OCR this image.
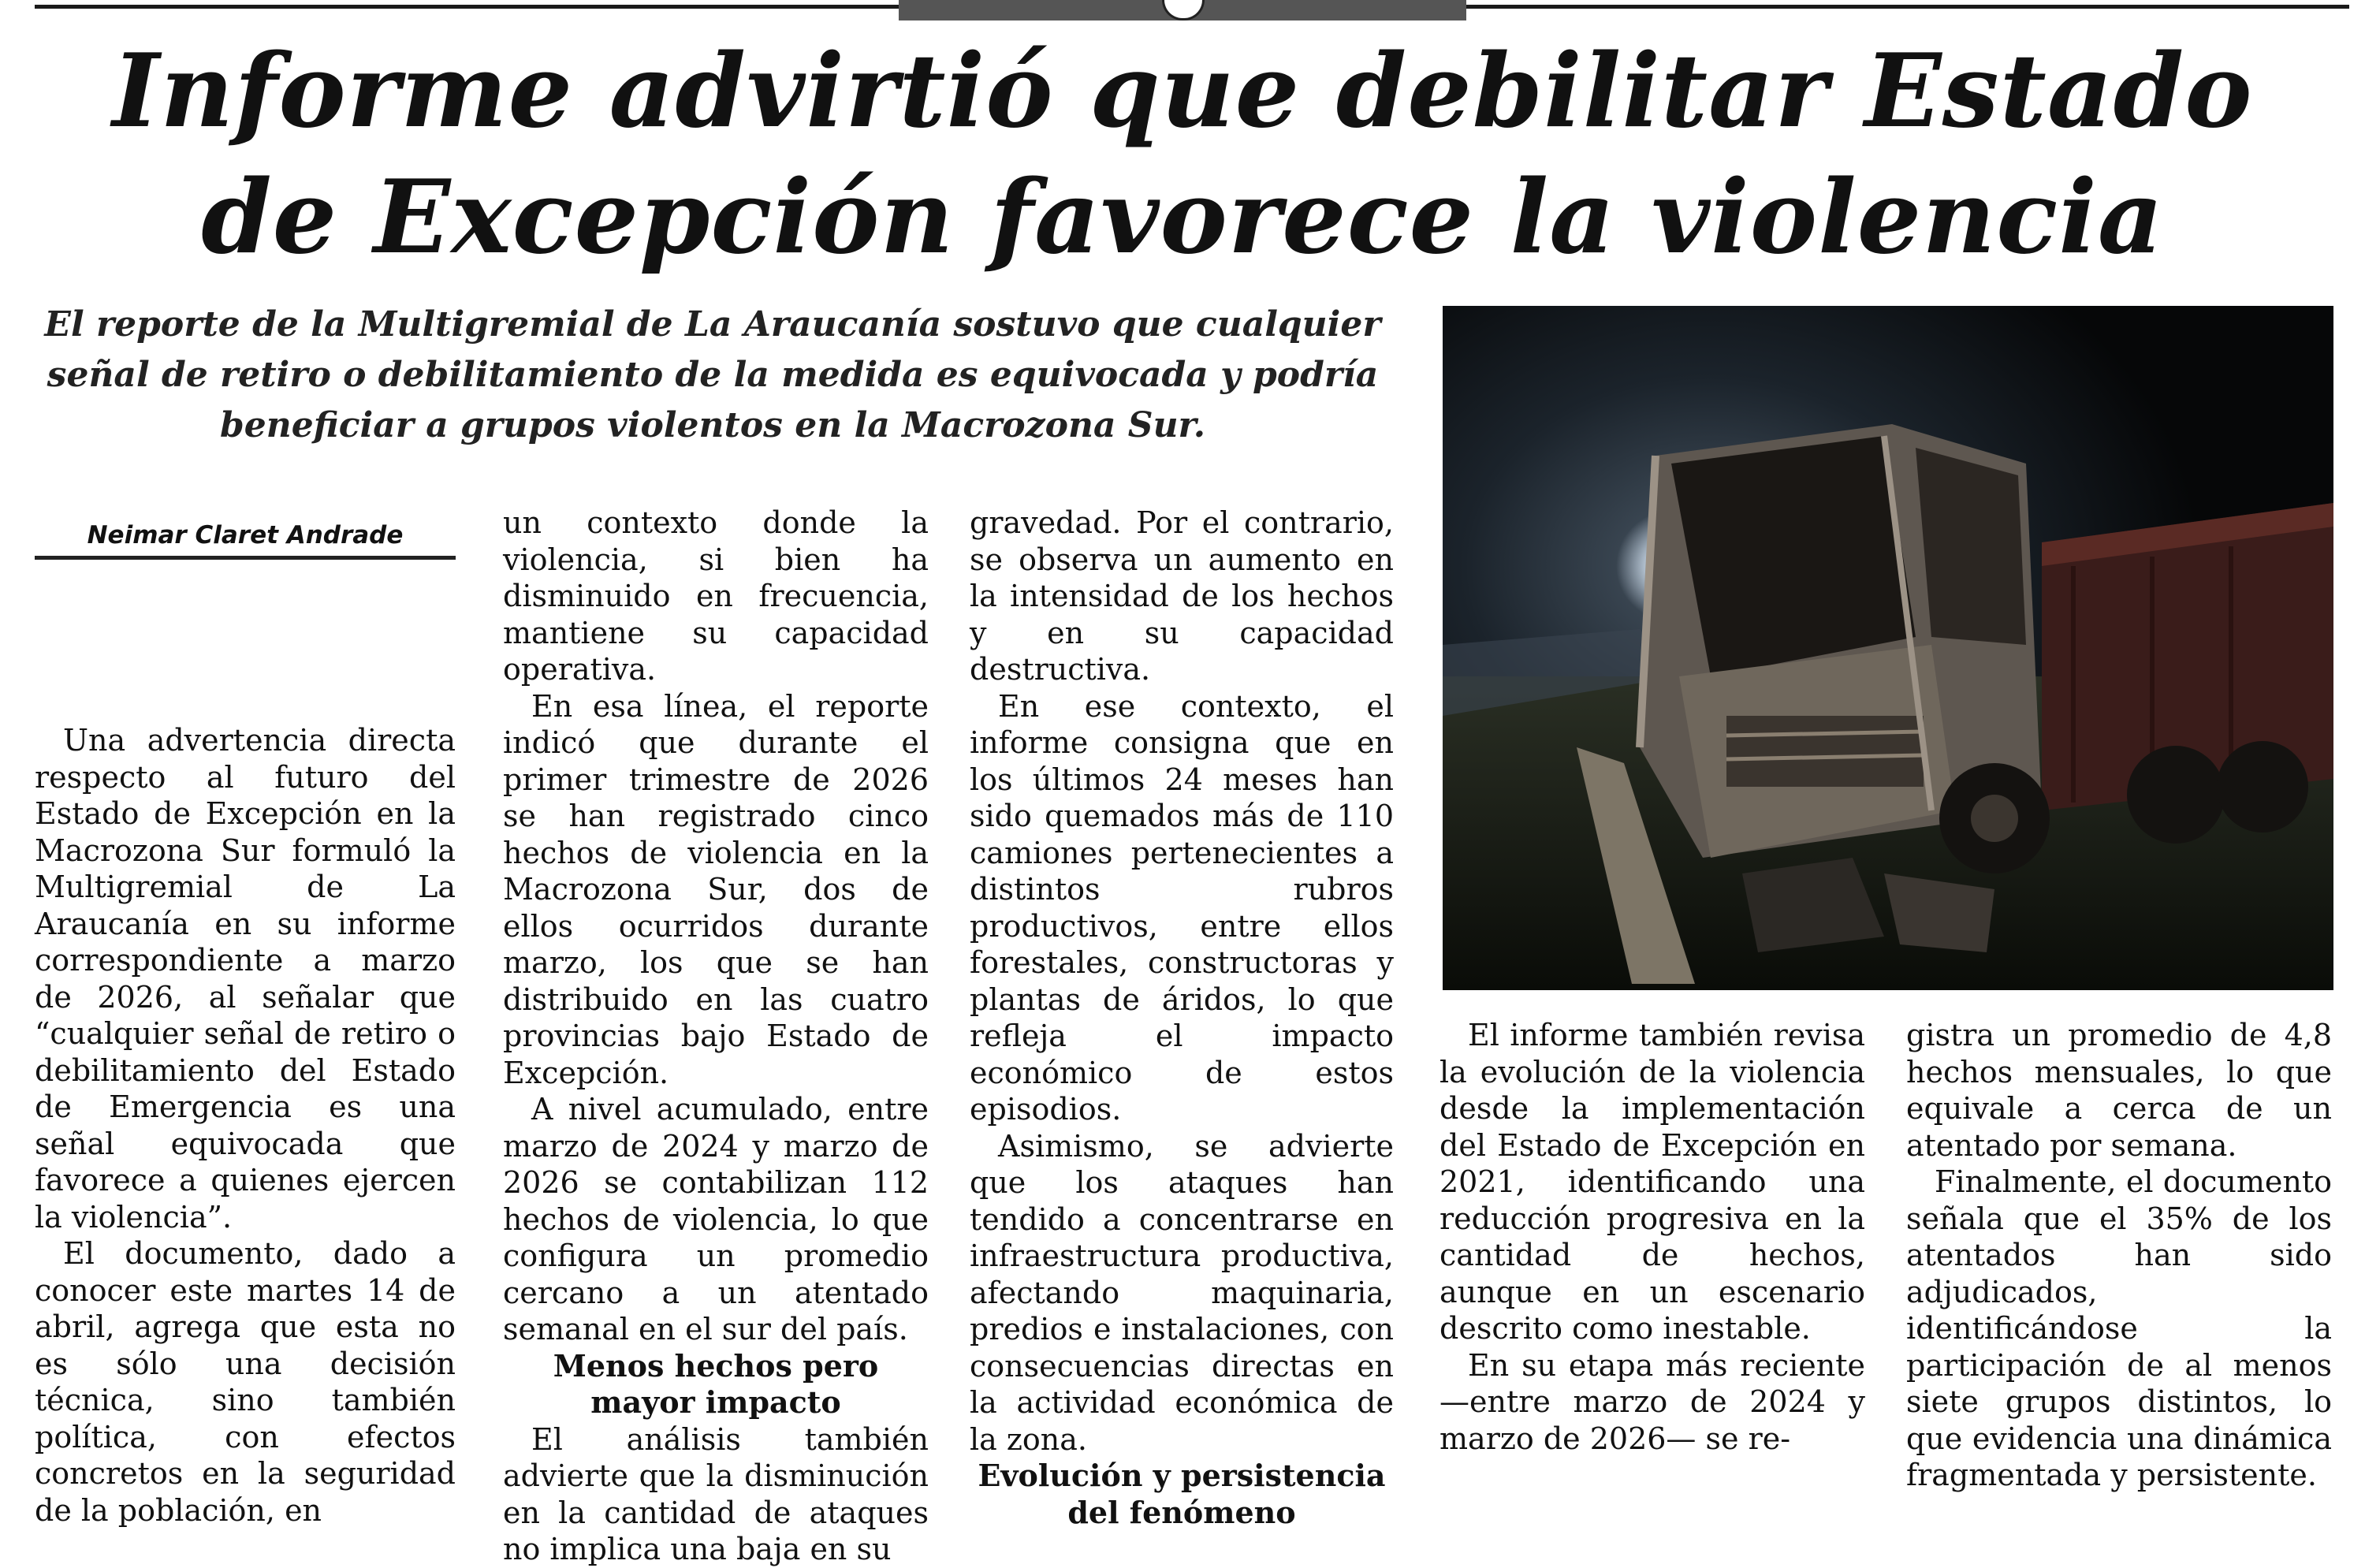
Informe advirtió que debilitar Estado
de Excepción favorece la violencia

El reporte de la Multigremial de La Araucanía sostuvo que cualquier
señal de retiro o debilitamiento de la medida es equivocada y podría
beneficiar a grupos violentos en la Macrozona Sur.

Neimar Claret Andrade

Una advertencia directa respecto al futuro del Estado de Excepción en la Macrozona Sur formuló la Multigremial de La Araucanía en su informe correspondiente a marzo de 2026, al señalar que “cualquier señal de retiro o debilitamiento del Estado de Emergencia es una señal equivocada que favorece a quienes ejercen la violencia”.

El documento, dado a conocer este martes 14 de abril, agrega que esta no es sólo una decisión técnica, sino también política, con efectos concretos en la seguridad de la población, en

un contexto donde la violencia, si bien ha disminuido en frecuencia, mantiene su capacidad operativa.

En esa línea, el reporte indicó que durante el primer trimestre de 2026 se han registrado cinco hechos de violencia en la Macrozona Sur, dos de ellos ocurridos durante marzo, los que se han distribuido en las cuatro provincias bajo Estado de Excepción.

A nivel acumulado, entre marzo de 2024 y marzo de 2026 se contabilizan 112 hechos de violencia, lo que configura un promedio cercano a un atentado semanal en el sur del país.

Menos hechos pero
mayor impacto

El análisis también advierte que la disminución en la cantidad de ataques no implica una baja en su

gravedad. Por el contrario, se observa un aumento en la intensidad de los hechos y en su capacidad destructiva.

En ese contexto, el informe consigna que en los últimos 24 meses han sido quemados más de 110 camiones pertenecientes a distintos rubros productivos, entre ellos forestales, constructoras y plantas de áridos, lo que refleja el impacto económico de estos episodios.

Asimismo, se advierte que los ataques han tendido a concentrarse en infraestructura productiva, afectando maquinaria, predios e instalaciones, con consecuencias directas en la actividad económica de la zona.

Evolución y persistencia
del fenómeno

El informe también revisa la evolución de la violencia desde la implementación del Estado de Excepción en 2021, identificando una reducción progresiva en la cantidad de hechos, aunque en un escenario descrito como inestable.

En su etapa más reciente —entre marzo de 2024 y marzo de 2026— se re-

gistra un promedio de 4,8 hechos mensuales, lo que equivale a cerca de un atentado por semana.

Finalmente, el documento señala que el 35% de los atentados han sido adjudicados, identificándose la participación de al menos siete grupos distintos, lo que evidencia una dinámica fragmentada y persistente.
